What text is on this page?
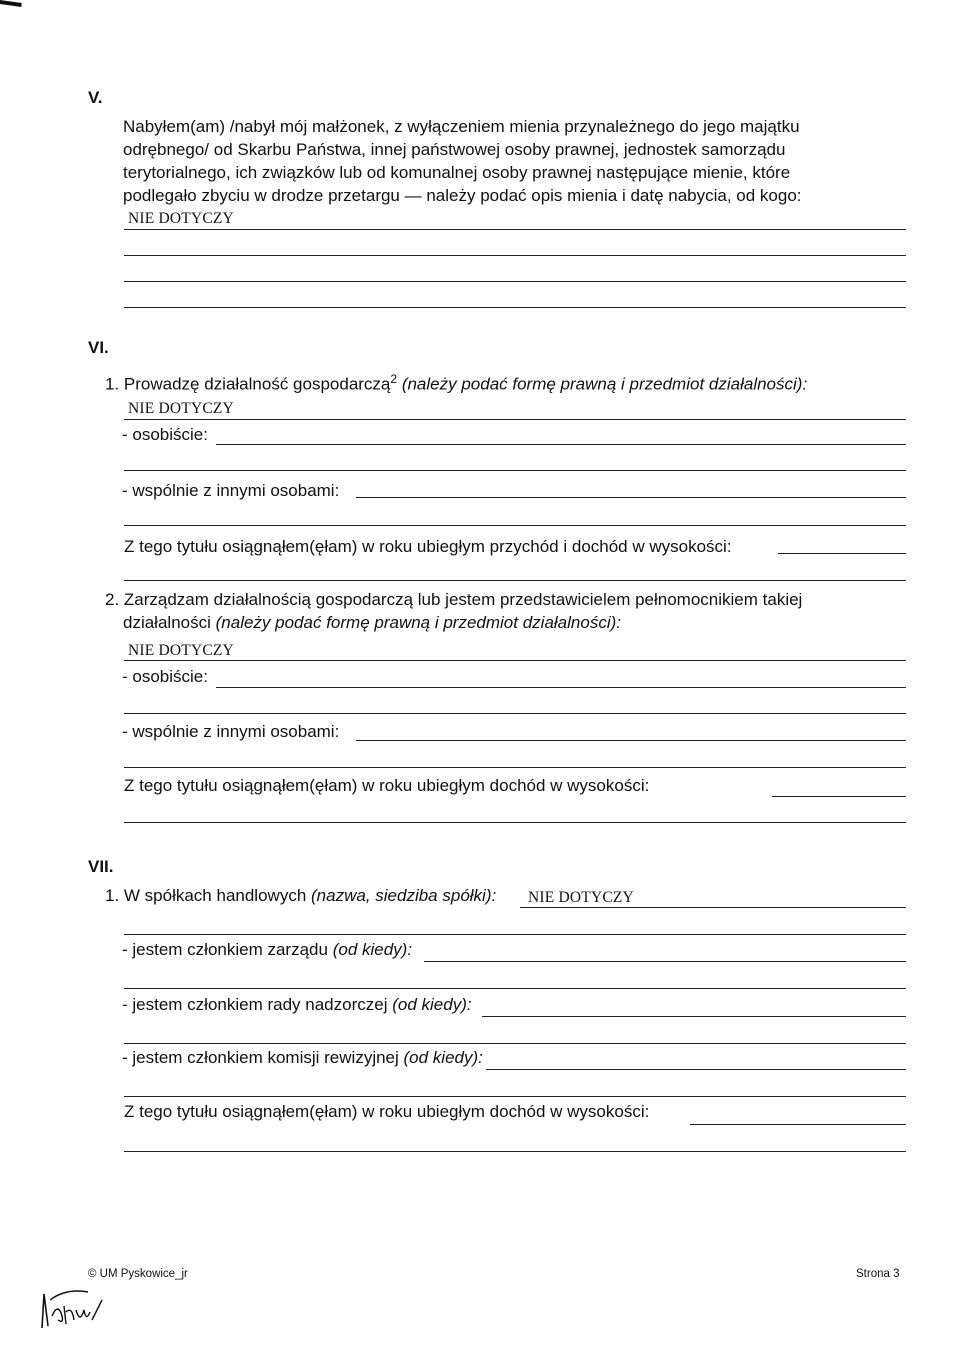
V.
Nabyłem(am) /nabył mój małżonek, z wyłączeniem mienia przynależnego do jego majątku
odrębnego/ od Skarbu Państwa, innej państwowej osoby prawnej, jednostek samorządu
terytorialnego, ich związków lub od komunalnej osoby prawnej następujące mienie, które
podlegało zbyciu w drodze przetargu — należy podać opis mienia i datę nabycia, od kogo:
NIE DOTYCZY
VI.
1. Prowadzę działalność gospodarczą$^2$ (należy podać formę prawną i przedmiot działalności):
NIE DOTYCZY
- osobiście:
- wspólnie z innymi osobami:
Z tego tytułu osiągnąłem(ęłam) w roku ubiegłym przychód i dochód w wysokości:
2. Zarządzam działalnością gospodarczą lub jestem przedstawicielem pełnomocnikiem takiej
działalności (należy podać formę prawną i przedmiot działalności):
NIE DOTYCZY
- osobiście:
- wspólnie z innymi osobami:
Z tego tytułu osiągnąłem(ęłam) w roku ubiegłym dochód w wysokości:
VII.
1. W spółkach handlowych (nazwa, siedziba spółki): NIE DOTYCZY
- jestem członkiem zarządu (od kiedy):
- jestem członkiem rady nadzorczej (od kiedy):
- jestem członkiem komisji rewizyjnej (od kiedy):
Z tego tytułu osiągnąłem(ęłam) w roku ubiegłym dochód w wysokości:
© UM Pyskowice_jr	Strona 3
